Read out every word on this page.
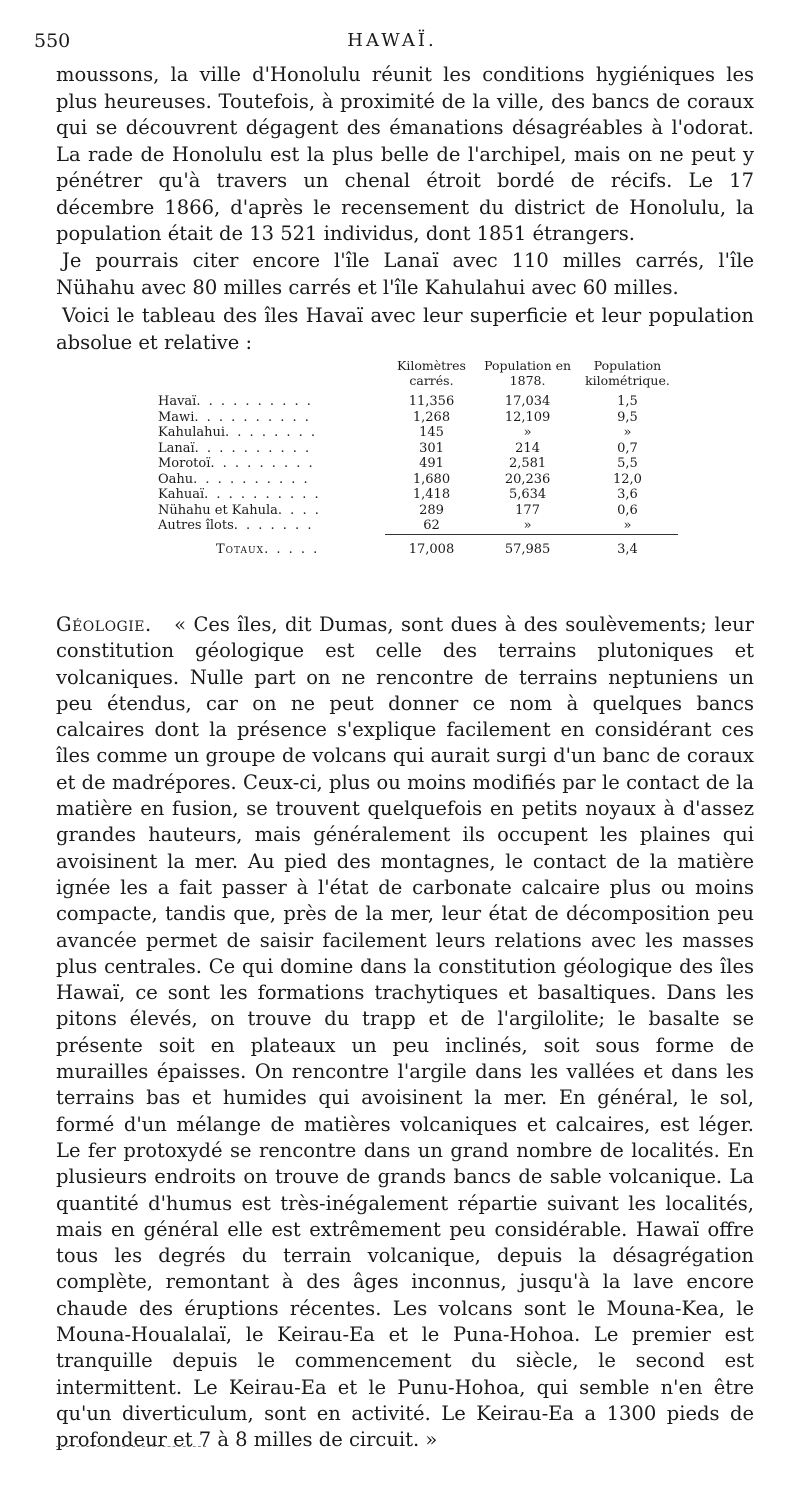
550	HAWAÏ.

moussons, la ville d'Honolulu réunit les conditions hygiéniques les plus heureuses. Toutefois, à proximité de la ville, des bancs de coraux qui se découvrent dégagent des émanations désagréables à l'odorat. La rade de Honolulu est la plus belle de l'archipel, mais on ne peut y pénétrer qu'à travers un chenal étroit bordé de récifs. Le 17 décembre 1866, d'après le recensement du district de Honolulu, la population était de 13 521 individus, dont 1851 étrangers.

Je pourrais citer encore l'île Lanaï avec 110 milles carrés, l'île Nühahu avec 80 milles carrés et l'île Kahulahui avec 60 milles.

Voici le tableau des îles Havaï avec leur superficie et leur population absolue et relative :

	Kilomètres carrés.	Population en 1878.	Population kilométrique.
Havaï. . . . . . . . . .	11,356	17,034	1,5
Mawi. . . . . . . . . .	1,268	12,109	9,5
Kahulahui. . . . . . . .	145	»	»
Lanaï. . . . . . . . . .	301	214	0,7
Morotoï. . . . . . . . .	491	2,581	5,5
Oahu. . . . . . . . . .	1,680	20,236	12,0
Kahuaï. . . . . . . . . .	1,418	5,634	3,6
Nühahu et Kahula. . . .	289	177	0,6
Autres îlots. . . . . . .	62	»	»
Totaux. . . . .	17,008	57,985	3,4

Géologie. « Ces îles, dit Dumas, sont dues à des soulèvements; leur constitution géologique est celle des terrains plutoniques et volcaniques. Nulle part on ne rencontre de terrains neptuniens un peu étendus, car on ne peut donner ce nom à quelques bancs calcaires dont la présence s'explique facilement en considérant ces îles comme un groupe de volcans qui aurait surgi d'un banc de coraux et de madrépores. Ceux-ci, plus ou moins modifiés par le contact de la matière en fusion, se trouvent quelquefois en petits noyaux à d'assez grandes hauteurs, mais généralement ils occupent les plaines qui avoisinent la mer. Au pied des montagnes, le contact de la matière ignée les a fait passer à l'état de carbonate calcaire plus ou moins compacte, tandis que, près de la mer, leur état de décomposition peu avancée permet de saisir facilement leurs relations avec les masses plus centrales. Ce qui domine dans la constitution géologique des îles Hawaï, ce sont les formations trachytiques et basaltiques. Dans les pitons élevés, on trouve du trapp et de l'argilolite; le basalte se présente soit en plateaux un peu inclinés, soit sous forme de murailles épaisses. On rencontre l'argile dans les vallées et dans les terrains bas et humides qui avoisinent la mer. En général, le sol, formé d'un mélange de matières volcaniques et calcaires, est léger. Le fer protoxydé se rencontre dans un grand nombre de localités. En plusieurs endroits on trouve de grands bancs de sable volcanique. La quantité d'humus est très-inégalement répartie suivant les localités, mais en général elle est extrêmement peu considérable. Hawaï offre tous les degrés du terrain volcanique, depuis la désagrégation complète, remontant à des âges inconnus, jusqu'à la lave encore chaude des éruptions récentes. Les volcans sont le Mouna-Kea, le Mouna-Houalalaï, le Keirau-Ea et le Puna-Hohoa. Le premier est tranquille depuis le commencement du siècle, le second est intermittent. Le Keirau-Ea et le Punu-Hohoa, qui semble n'en être qu'un diverticulum, sont en activité. Le Keirau-Ea a 1300 pieds de profondeur et 7 à 8 milles de circuit. »
